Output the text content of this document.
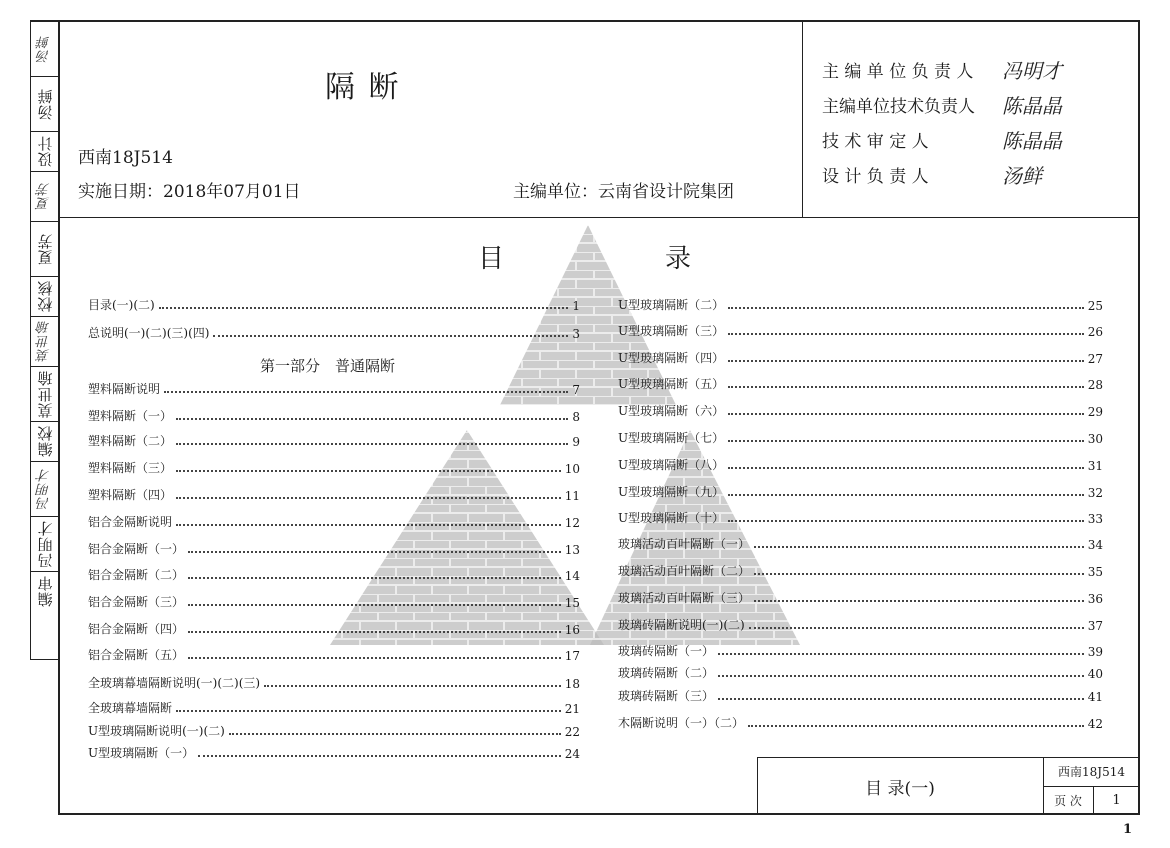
汤鲜
汤鲜
设计
夏芳
夏芳
校核
莫世瑜
莫世瑜
编校
冯明才
冯明才
编审
隔 断
西南18J514
实施日期：2018年07月01日	主编单位：云南省设计院集团
主 编 单 位 负 责 人	冯明才
主编单位技术负责人	陈晶晶
技 术 审 定 人	陈晶晶
设 计 负 责 人	汤鲜
目	录
第一部分　普通隔断
目录(一)(二)	1
总说明(一)(二)(三)(四)	3
塑料隔断说明	7
塑料隔断（一）	8
塑料隔断（二）	9
塑料隔断（三）	10
塑料隔断（四）	11
铝合金隔断说明	12
铝合金隔断（一）	13
铝合金隔断（二）	14
铝合金隔断（三）	15
铝合金隔断（四）	16
铝合金隔断（五）	17
全玻璃幕墙隔断说明(一)(二)(三)	18
全玻璃幕墙隔断	21
U型玻璃隔断说明(一)(二)	22
U型玻璃隔断（一）	24
U型玻璃隔断（二）	25
U型玻璃隔断（三）	26
U型玻璃隔断（四）	27
U型玻璃隔断（五）	28
U型玻璃隔断（六）	29
U型玻璃隔断（七）	30
U型玻璃隔断（八）	31
U型玻璃隔断（九）	32
U型玻璃隔断（十）	33
玻璃活动百叶隔断（一）	34
玻璃活动百叶隔断（二）	35
玻璃活动百叶隔断（三）	36
玻璃砖隔断说明(一)(二)	37
玻璃砖隔断（一）	39
玻璃砖隔断（二）	40
玻璃砖隔断（三）	41
木隔断说明（一）（二）	42
目 录(一)
西南18J514
页 次	1
1
